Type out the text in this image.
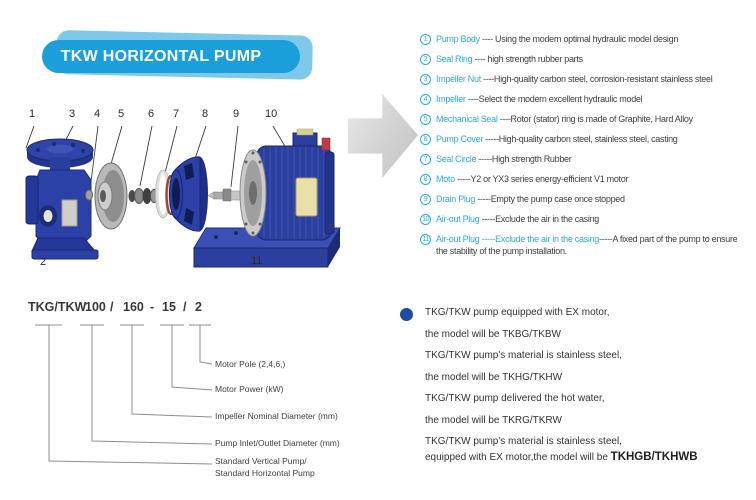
TKW HORIZONTAL PUMP
1	3 4 5 6 7 8 9 10
2	11
1 Pump Body ---- Using the modern optimal hydraulic model design
2 Seal Ring ---- high strength rubber parts
3 Impeller Nut ----High-quality carbon steel, corrosion-resistant stainless steel
4 Impeller ----Select the modern excellent hydraulic model
5 Mechanical Seal ----Rotor (stator) ring is made of Graphite, Hard Alloy
6 Pump Cover -----High-quality carbon steel, stainless steel, casting
7 Seal Circle -----High strength Rubber
8 Moto -----Y2 or YX3 series energy-efficient V1 motor
9 Drain Plug -----Empty the pump case once stopped
10 Air-out Plug -----Exclude the air in the casing
11 Air-out Plug -----Exclude the air in the casing-----A fixed part of the pump to ensure the stability of the pump installation.
TKG/TKW
100 / 160 - 15 / 2
Motor Pole (2,4,6,)
Motor Power (kW)
Impeller Nominal Diameter (mm)
Pump Inlet/Outlet Diameter (mm)
Standard Vertical Pump/
Standard Horizontal Pump
TKG/TKW pump equipped with EX motor,
the model will be TKBG/TKBW
TKG/TKW pump's material is stainless steel,
the model will be TKHG/TKHW
TKG/TKW pump delivered the hot water,
the model will be TKRG/TKRW
TKG/TKW pump's material is stainless steel,
equipped with EX motor,the model will be TKHGB/TKHWB
